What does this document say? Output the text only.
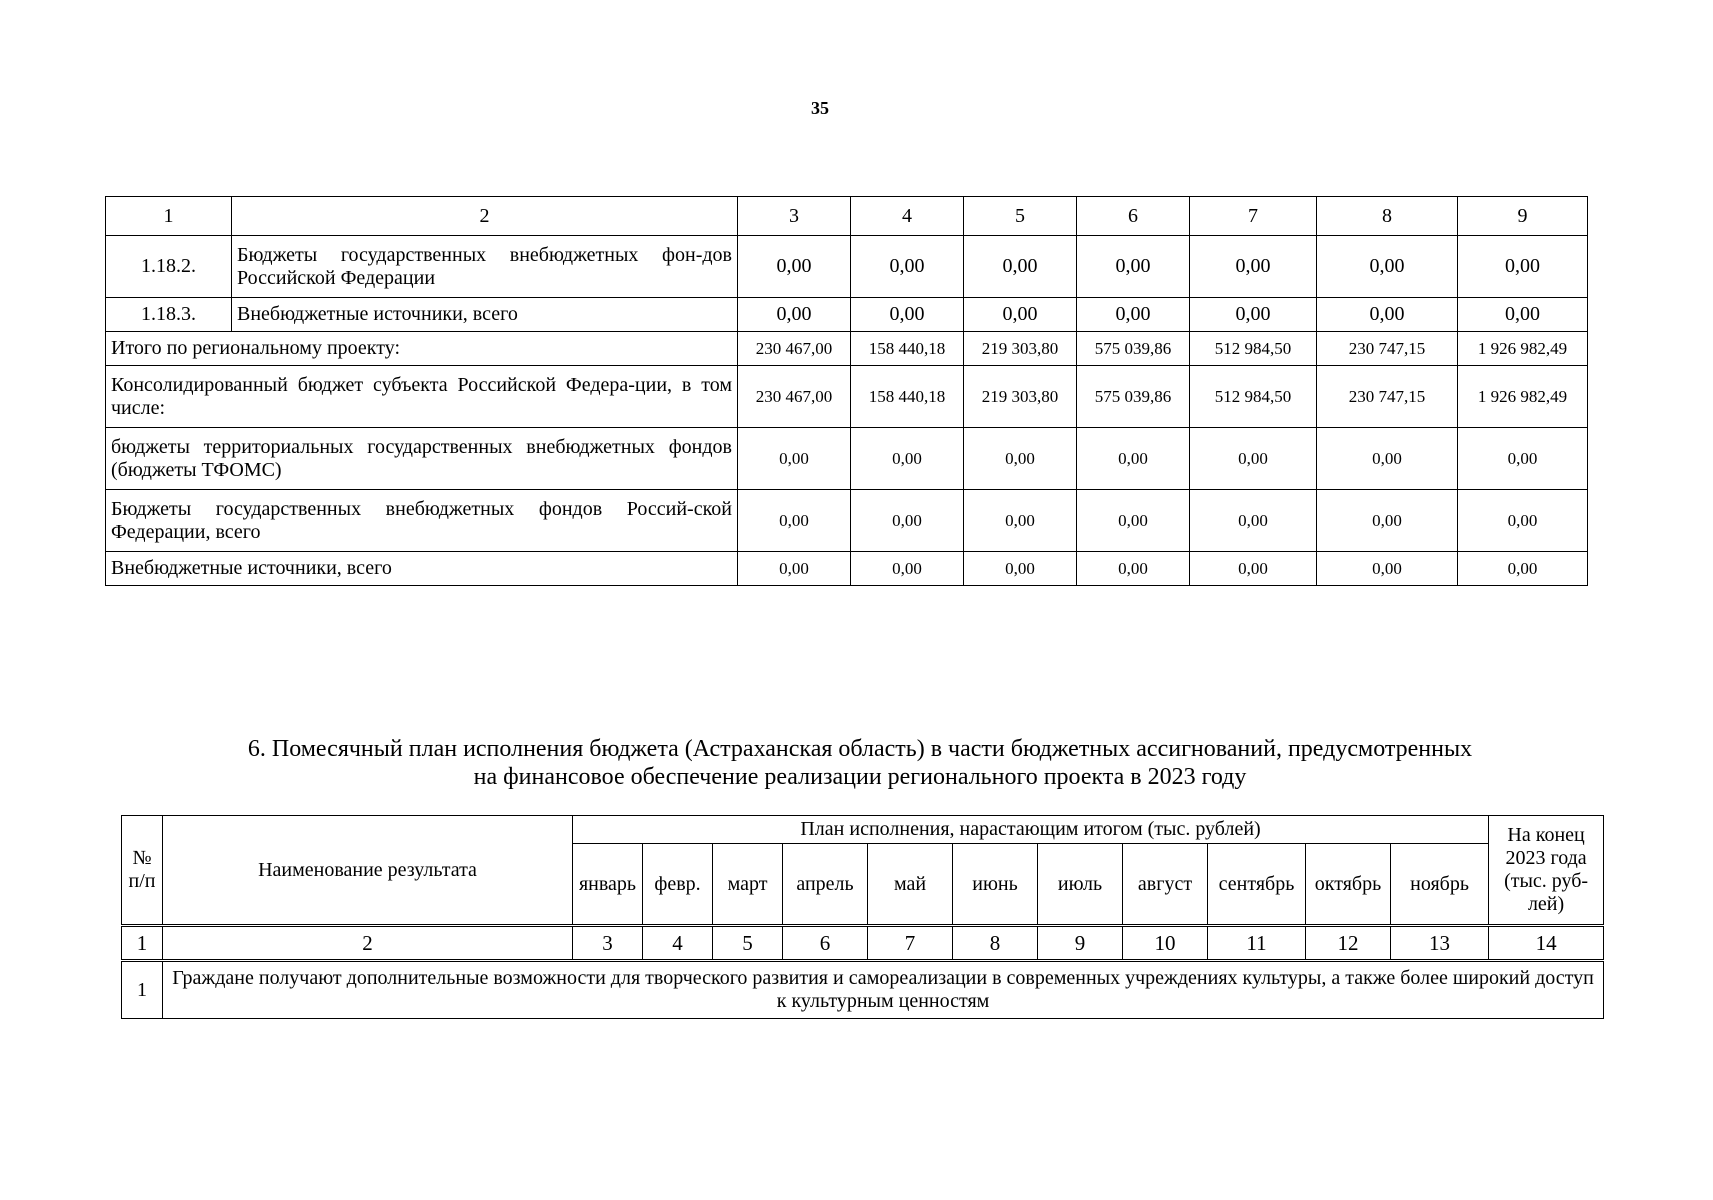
35
1	2	3	4	5	6	7	8	9
1.18.2.	Бюджеты государственных внебюджетных фон-дов Российской Федерации	0,00	0,00	0,00	0,00	0,00	0,00	0,00
1.18.3.	Внебюджетные источники, всего	0,00	0,00	0,00	0,00	0,00	0,00	0,00
Итого по региональному проекту:		230 467,00	158 440,18	219 303,80	575 039,86	512 984,50	230 747,15	1 926 982,49
Консолидированный бюджет субъекта Российской Федера-ции, в том числе:		230 467,00	158 440,18	219 303,80	575 039,86	512 984,50	230 747,15	1 926 982,49
бюджеты территориальных государственных внебюджетных фондов (бюджеты ТФОМС)		0,00	0,00	0,00	0,00	0,00	0,00	0,00
Бюджеты государственных внебюджетных фондов Россий-ской Федерации, всего		0,00	0,00	0,00	0,00	0,00	0,00	0,00
Внебюджетные источники, всего		0,00	0,00	0,00	0,00	0,00	0,00	0,00
6. Помесячный план исполнения бюджета (Астраханская область) в части бюджетных ассигнований, предусмотренных
на финансовое обеспечение реализации регионального проекта в 2023 году
№ п/п	Наименование результата	План исполнения, нарастающим итогом (тыс. рублей)											На конец 2023 года (тыс. руб-лей)
		январь	февр.	март	апрель	май	июнь	июль	август	сентябрь	октябрь	ноябрь	
1	2	3	4	5	6	7	8	9	10	11	12	13	14
1	Граждане получают дополнительные возможности для творческого развития и самореализации в современных учреждениях культуры, а также более широкий доступ к культурным ценностям												
